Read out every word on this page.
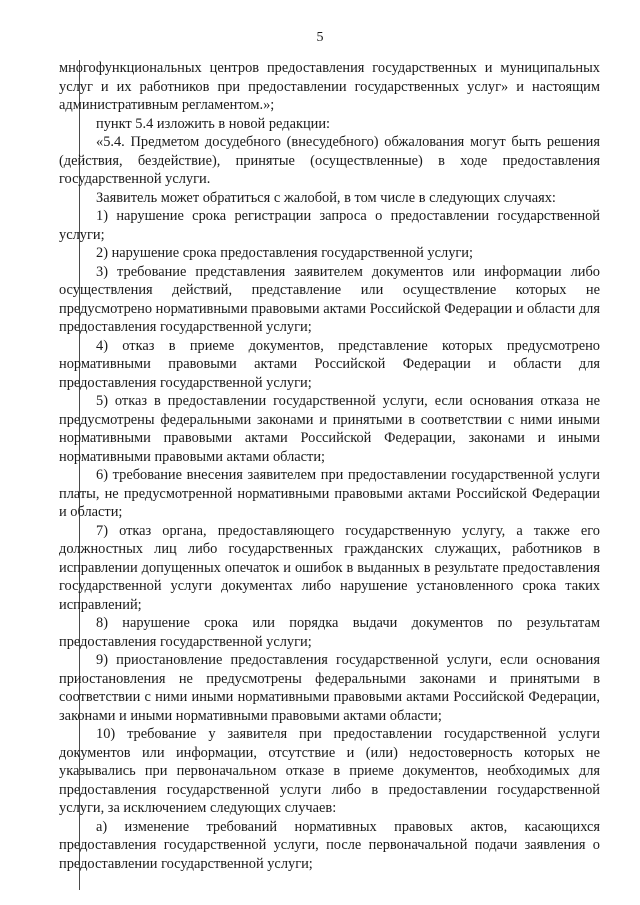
5

многофункциональных центров предоставления государственных и муниципальных услуг и их работников при предоставлении государственных услуг» и настоящим административным регламентом.»;

пункт 5.4 изложить в новой редакции:

«5.4. Предметом досудебного (внесудебного) обжалования могут быть решения (действия, бездействие), принятые (осуществленные) в ходе предоставления государственной услуги.

Заявитель может обратиться с жалобой, в том числе в следующих случаях:

1) нарушение срока регистрации запроса о предоставлении государственной услуги;

2) нарушение срока предоставления государственной услуги;

3) требование представления заявителем документов или информации либо осуществления действий, представление или осуществление которых не предусмотрено нормативными правовыми актами Российской Федерации и области для предоставления государственной услуги;

4) отказ в приеме документов, представление которых предусмотрено нормативными правовыми актами Российской Федерации и области для предоставления государственной услуги;

5) отказ в предоставлении государственной услуги, если основания отказа не предусмотрены федеральными законами и принятыми в соответствии с ними иными нормативными правовыми актами Российской Федерации, законами и иными нормативными правовыми актами области;

6) требование внесения заявителем при предоставлении государственной услуги платы, не предусмотренной нормативными правовыми актами Российской Федерации и области;

7) отказ органа, предоставляющего государственную услугу, а также его должностных лиц либо государственных гражданских служащих, работников в исправлении допущенных опечаток и ошибок в выданных в результате предоставления государственной услуги документах либо нарушение установленного срока таких исправлений;

8) нарушение срока или порядка выдачи документов по результатам предоставления государственной услуги;

9) приостановление предоставления государственной услуги, если основания приостановления не предусмотрены федеральными законами и принятыми в соответствии с ними иными нормативными правовыми актами Российской Федерации, законами и иными нормативными правовыми актами области;

10) требование у заявителя при предоставлении государственной услуги документов или информации, отсутствие и (или) недостоверность которых не указывались при первоначальном отказе в приеме документов, необходимых для предоставления государственной услуги либо в предоставлении государственной услуги, за исключением следующих случаев:

а) изменение требований нормативных правовых актов, касающихся предоставления государственной услуги, после первоначальной подачи заявления о предоставлении государственной услуги;
